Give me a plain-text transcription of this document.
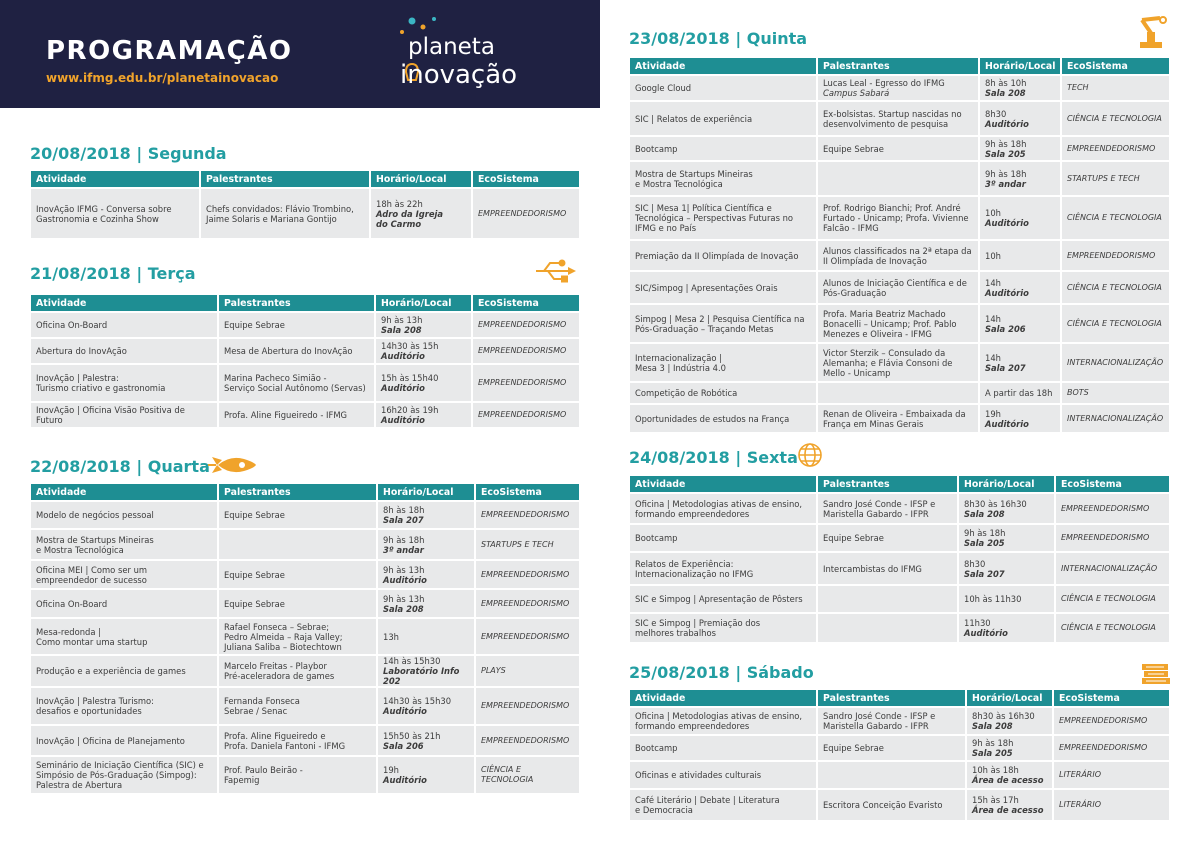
PROGRAMAÇÃO
www.ifmg.edu.br/planetainovacao
planeta
inovação
20/08/2018 | Segunda
Atividade	Palestrantes	Horário/Local	EcoSistema
InovAção IFMG - Conversa sobre
Gastronomia e Cozinha Show	Chefs convidados: Flávio Trombino,
Jaime Solaris e Mariana Gontijo	18h às 22h
Adro da Igreja
do Carmo	EMPREENDEDORISMO
21/08/2018 | Terça
Atividade	Palestrantes	Horário/Local	EcoSistema
Oficina On-Board	Equipe Sebrae	9h às 13h
Sala 208	EMPREENDEDORISMO
Abertura do InovAção	Mesa de Abertura do InovAção	14h30 às 15h
Auditório	EMPREENDEDORISMO
InovAção | Palestra:
Turismo criativo e gastronomia	Marina Pacheco Simião -
Serviço Social Autônomo (Servas)	15h às 15h40
Auditório	EMPREENDEDORISMO
InovAção | Oficina Visão Positiva de Futuro	Profa. Aline Figueiredo - IFMG	16h20 às 19h
Auditório	EMPREENDEDORISMO
22/08/2018 | Quarta
Atividade	Palestrantes	Horário/Local	EcoSistema
Modelo de negócios pessoal	Equipe Sebrae	8h às 18h
Sala 207	EMPREENDEDORISMO
Mostra de Startups Mineiras
e Mostra Tecnológica		9h às 18h
3º andar	STARTUPS E TECH
Oficina MEI | Como ser um
empreendedor de sucesso	Equipe Sebrae	9h às 13h
Auditório	EMPREENDEDORISMO
Oficina On-Board	Equipe Sebrae	9h às 13h
Sala 208	EMPREENDEDORISMO
Mesa-redonda |
Como montar uma startup	Rafael Fonseca – Sebrae;
Pedro Almeida – Raja Valley;
Juliana Saliba – Biotechtown	13h	EMPREENDEDORISMO
Produção e a experiência de games	Marcelo Freitas - Playbor
Pré-aceleradora de games	14h às 15h30
Laboratório Info 202	PLAYS
InovAção | Palestra Turismo:
desafios e oportunidades	Fernanda Fonseca
Sebrae / Senac	14h30 às 15h30
Auditório	EMPREENDEDORISMO
InovAção | Oficina de Planejamento	Profa. Aline Figueiredo e
Profa. Daniela Fantoni - IFMG	15h50 às 21h
Sala 206	EMPREENDEDORISMO
Seminário de Iniciação Científica (SIC) e
Simpósio de Pós-Graduação (Simpog):
Palestra de Abertura	Prof. Paulo Beirão -
Fapemig	19h
Auditório	CIÊNCIA E TECNOLOGIA
23/08/2018 | Quinta
Atividade	Palestrantes	Horário/Local	EcoSistema
Google Cloud	Lucas Leal - Egresso do IFMG
Campus Sabará	8h às 10h
Sala 208	TECH
SIC | Relatos de experiência	Ex-bolsistas. Startup nascidas no
desenvolvimento de pesquisa	8h30
Auditório	CIÊNCIA E TECNOLOGIA
Bootcamp	Equipe Sebrae	9h às 18h
Sala 205	EMPREENDEDORISMO
Mostra de Startups Mineiras
e Mostra Tecnológica		9h às 18h
3º andar	STARTUPS E TECH
SIC | Mesa 1| Política Científica e
Tecnológica – Perspectivas Futuras no
IFMG e no País	Prof. Rodrigo Bianchi; Prof. André
Furtado - Unicamp; Profa. Vivienne
Falcão - IFMG	10h
Auditório	CIÊNCIA E TECNOLOGIA
Premiação da II Olimpíada de Inovação	Alunos classificados na 2ª etapa da
II Olimpíada de Inovação	10h	EMPREENDEDORISMO
SIC/Simpog | Apresentações Orais	Alunos de Iniciação Científica e de
Pós-Graduação	14h
Auditório	CIÊNCIA E TECNOLOGIA
Simpog | Mesa 2 | Pesquisa Científica na
Pós-Graduação – Traçando Metas	Profa. Maria Beatriz Machado
Bonacelli – Unicamp; Prof. Pablo
Menezes e Oliveira - IFMG	14h
Sala 206	CIÊNCIA E TECNOLOGIA
Internacionalização |
Mesa 3 | Indústria 4.0	Victor Sterzik – Consulado da
Alemanha; e Flávia Consoni de
Mello - Unicamp	14h
Sala 207	INTERNACIONALIZAÇÃO
Competição de Robótica		A partir das 18h	BOTS
Oportunidades de estudos na França	Renan de Oliveira - Embaixada da
França em Minas Gerais	19h
Auditório	INTERNACIONALIZAÇÃO
24/08/2018 | Sexta
Atividade	Palestrantes	Horário/Local	EcoSistema
Oficina | Metodologias ativas de ensino,
formando empreendedores	Sandro José Conde - IFSP e
Maristella Gabardo - IFPR	8h30 às 16h30
Sala 208	EMPREENDEDORISMO
Bootcamp	Equipe Sebrae	9h às 18h
Sala 205	EMPREENDEDORISMO
Relatos de Experiência:
Internacionalização no IFMG	Intercambistas do IFMG	8h30
Sala 207	INTERNACIONALIZAÇÃO
SIC e Simpog | Apresentação de Pôsters		10h às 11h30	CIÊNCIA E TECNOLOGIA
SIC e Simpog | Premiação dos
melhores trabalhos		11h30
Auditório	CIÊNCIA E TECNOLOGIA
25/08/2018 | Sábado
Atividade	Palestrantes	Horário/Local	EcoSistema
Oficina | Metodologias ativas de ensino,
formando empreendedores	Sandro José Conde - IFSP e
Maristella Gabardo - IFPR	8h30 às 16h30
Sala 208	EMPREENDEDORISMO
Bootcamp	Equipe Sebrae	9h às 18h
Sala 205	EMPREENDEDORISMO
Oficinas e atividades culturais		10h às 18h
Área de acesso	LITERÁRIO
Café Literário | Debate | Literatura
e Democracia	Escritora Conceição Evaristo	15h às 17h
Área de acesso	LITERÁRIO
